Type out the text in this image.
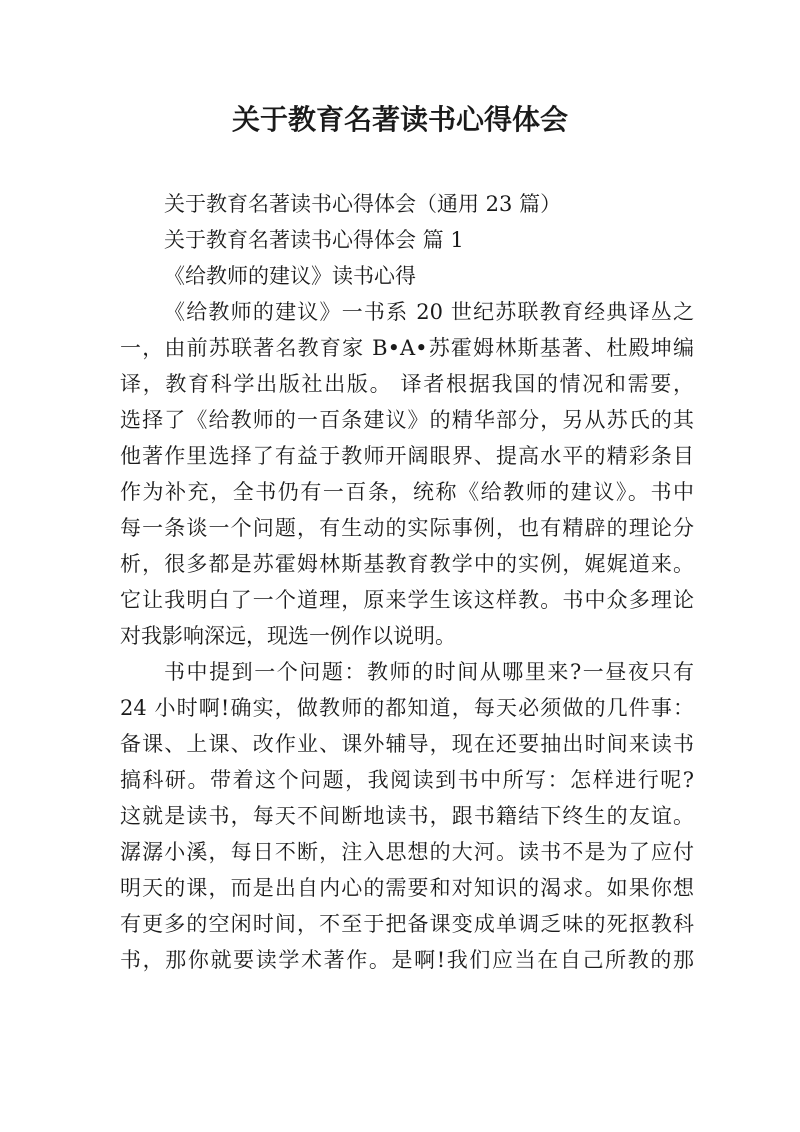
关于教育名著读书心得体会
关于教育名著读书心得体会（通用 23 篇）
关于教育名著读书心得体会 篇 1
《给教师的建议》读书心得
《给教师的建议》一书系 20 世纪苏联教育经典译丛之
一，由前苏联著名教育家 B•A•苏霍姆林斯基著、杜殿坤编
译，教育科学出版社出版。 译者根据我国的情况和需要，
选择了《给教师的一百条建议》的精华部分，另从苏氏的其
他著作里选择了有益于教师开阔眼界、提高水平的精彩条目
作为补充，全书仍有一百条，统称《给教师的建议》。书中
每一条谈一个问题，有生动的实际事例，也有精辟的理论分
析，很多都是苏霍姆林斯基教育教学中的实例，娓娓道来。
它让我明白了一个道理，原来学生该这样教。书中众多理论
对我影响深远，现选一例作以说明。
书中提到一个问题：教师的时间从哪里来?一昼夜只有
24 小时啊!确实，做教师的都知道，每天必须做的几件事：
备课、上课、改作业、课外辅导，现在还要抽出时间来读书
搞科研。带着这个问题，我阅读到书中所写：怎样进行呢?
这就是读书，每天不间断地读书，跟书籍结下终生的友谊。
潺潺小溪，每日不断，注入思想的大河。读书不是为了应付
明天的课，而是出自内心的需要和对知识的渴求。如果你想
有更多的空闲时间，不至于把备课变成单调乏味的死抠教科
书，那你就要读学术著作。是啊!我们应当在自己所教的那
